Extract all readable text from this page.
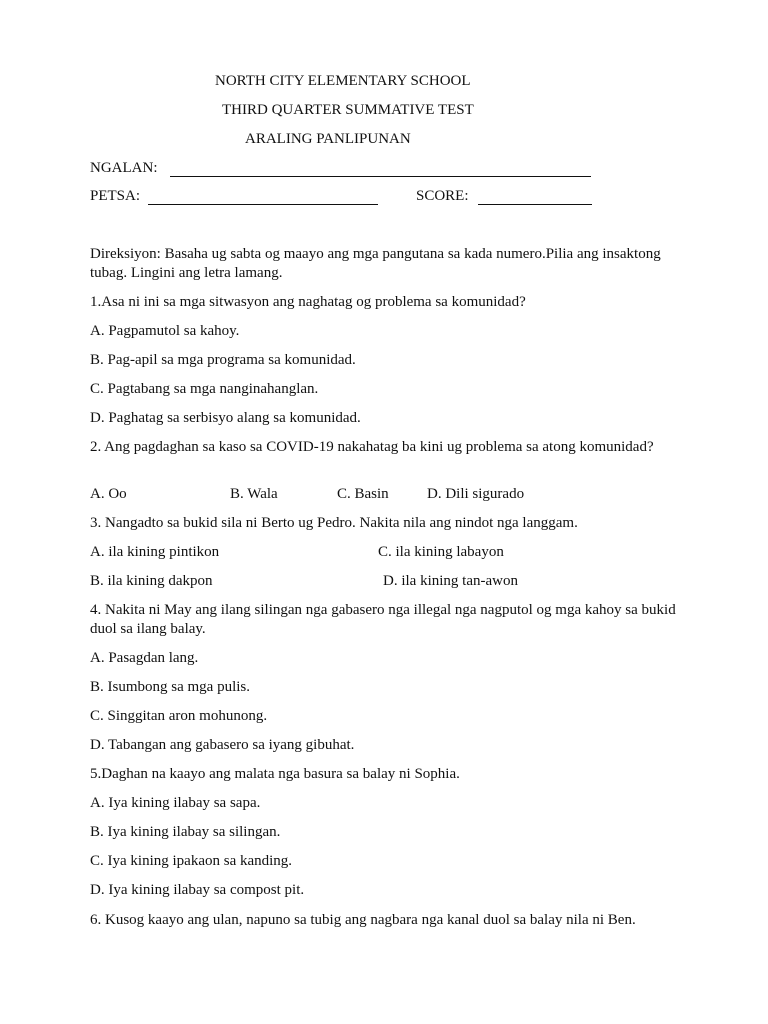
NORTH CITY ELEMENTARY SCHOOL
THIRD QUARTER SUMMATIVE TEST
ARALING PANLIPUNAN
NGALAN:
PETSA:	SCORE:
Direksiyon: Basaha ug sabta og maayo ang mga pangutana sa kada numero.Pilia ang insaktong tubag. Lingini ang letra lamang.
1.Asa ni ini sa mga sitwasyon ang naghatag og problema sa komunidad?
A. Pagpamutol sa kahoy.
B. Pag-apil sa mga programa sa komunidad.
C. Pagtabang sa mga nanginahanglan.
D. Paghatag sa serbisyo alang sa komunidad.
2. Ang pagdaghan sa kaso sa COVID-19 nakahatag ba kini ug problema sa atong komunidad?
A. Oo	B. Wala	C. Basin	D. Dili sigurado
3. Nangadto sa bukid sila ni Berto ug Pedro. Nakita nila ang nindot nga langgam.
A. ila kining pintikon	C. ila kining labayon
B. ila kining dakpon	D. ila kining tan-awon
4. Nakita ni May ang ilang silingan nga gabasero nga illegal nga nagputol og mga kahoy sa bukid duol sa ilang balay.
A. Pasagdan lang.
B. Isumbong sa mga pulis.
C. Singgitan aron mohunong.
D. Tabangan ang gabasero sa iyang gibuhat.
5.Daghan na kaayo ang malata nga basura sa balay ni Sophia.
A. Iya kining ilabay sa sapa.
B. Iya kining ilabay sa silingan.
C. Iya kining ipakaon sa kanding.
D. Iya kining ilabay sa compost pit.
6. Kusog kaayo ang ulan, napuno sa tubig ang nagbara nga kanal duol sa balay nila ni Ben.
